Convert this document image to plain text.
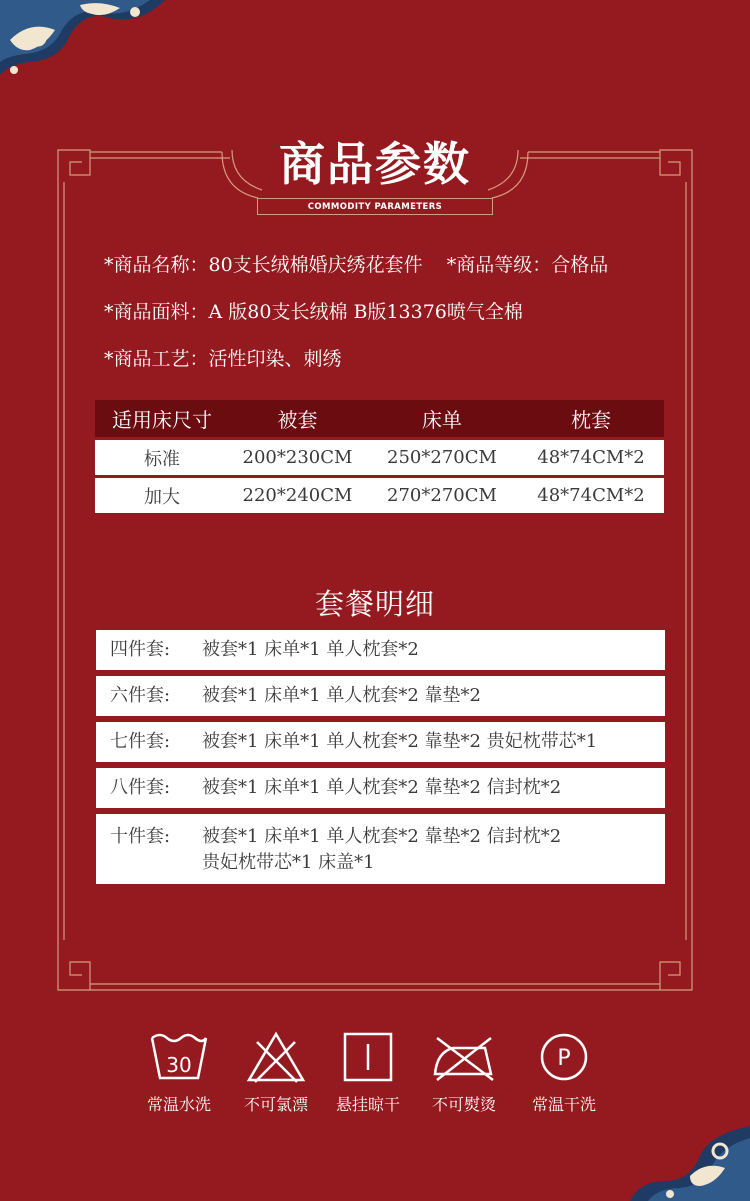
商品参数
COMMODITY PARAMETERS
*商品名称：80支长绒棉婚庆绣花套件 *商品等级：合格品
*商品面料：A 版80支长绒棉 B版13376喷气全棉
*商品工艺：活性印染、刺绣
适用床尺寸	被套	床单	枕套
标准	200*230CM	250*270CM	48*74CM*2
加大	220*240CM	270*270CM	48*74CM*2
套餐明细
四件套:	被套*1 床单*1 单人枕套*2
六件套:	被套*1 床单*1 单人枕套*2 靠垫*2
七件套:	被套*1 床单*1 单人枕套*2 靠垫*2 贵妃枕带芯*1
八件套:	被套*1 床单*1 单人枕套*2 靠垫*2 信封枕*2
十件套:	被套*1 床单*1 单人枕套*2 靠垫*2 信封枕*2
贵妃枕带芯*1 床盖*1
30
常温水洗	不可氯漂	悬挂晾干	不可熨烫
P
常温干洗
